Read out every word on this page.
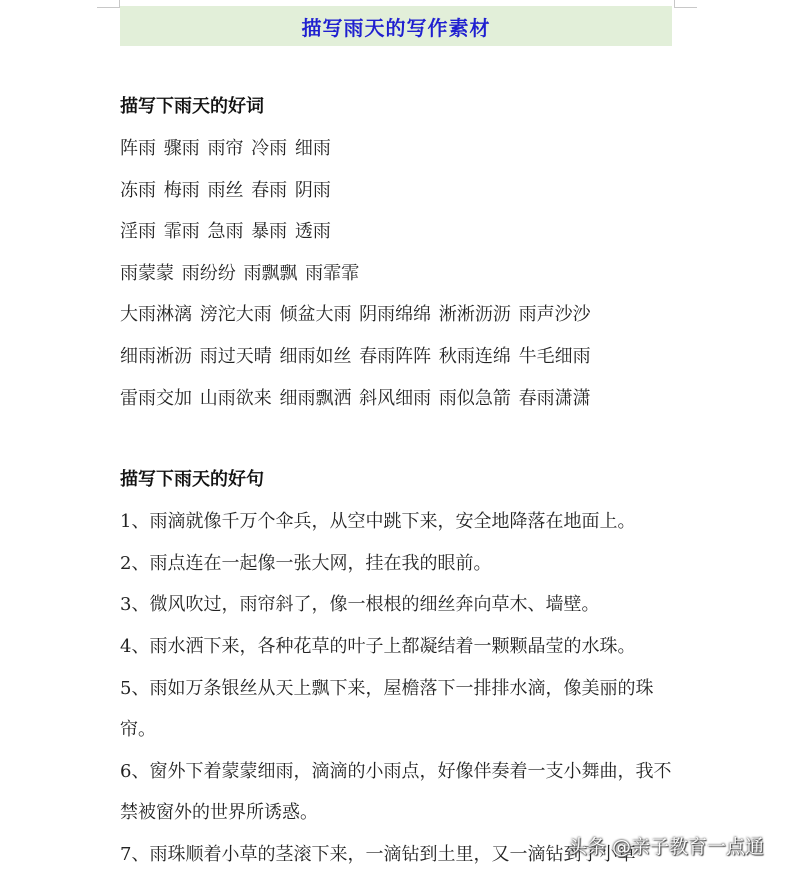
描写雨天的写作素材
描写下雨天的好词
阵雨 骤雨 雨帘 冷雨 细雨
冻雨 梅雨 雨丝 春雨 阴雨
淫雨 霏雨 急雨 暴雨 透雨
雨蒙蒙 雨纷纷 雨飘飘 雨霏霏
大雨淋漓 滂沱大雨 倾盆大雨 阴雨绵绵 淅淅沥沥 雨声沙沙
细雨淅沥 雨过天晴 细雨如丝 春雨阵阵 秋雨连绵 牛毛细雨
雷雨交加 山雨欲来 细雨飘洒 斜风细雨 雨似急箭 春雨潇潇
描写下雨天的好句

1、雨滴就像千万个伞兵，从空中跳下来，安全地降落在地面上。

2、雨点连在一起像一张大网，挂在我的眼前。

3、微风吹过，雨帘斜了，像一根根的细丝奔向草木、墙壁。

4、雨水洒下来，各种花草的叶子上都凝结着一颗颗晶莹的水珠。

5、雨如万条银丝从天上飘下来，屋檐落下一排排水滴，像美丽的珠帘。

6、窗外下着蒙蒙细雨，滴滴的小雨点，好像伴奏着一支小舞曲，我不禁被窗外的世界所诱惑。

7、雨珠顺着小草的茎滚下来，一滴钻到土里，又一滴钻到了小草

头条 @亲子教育一点通
